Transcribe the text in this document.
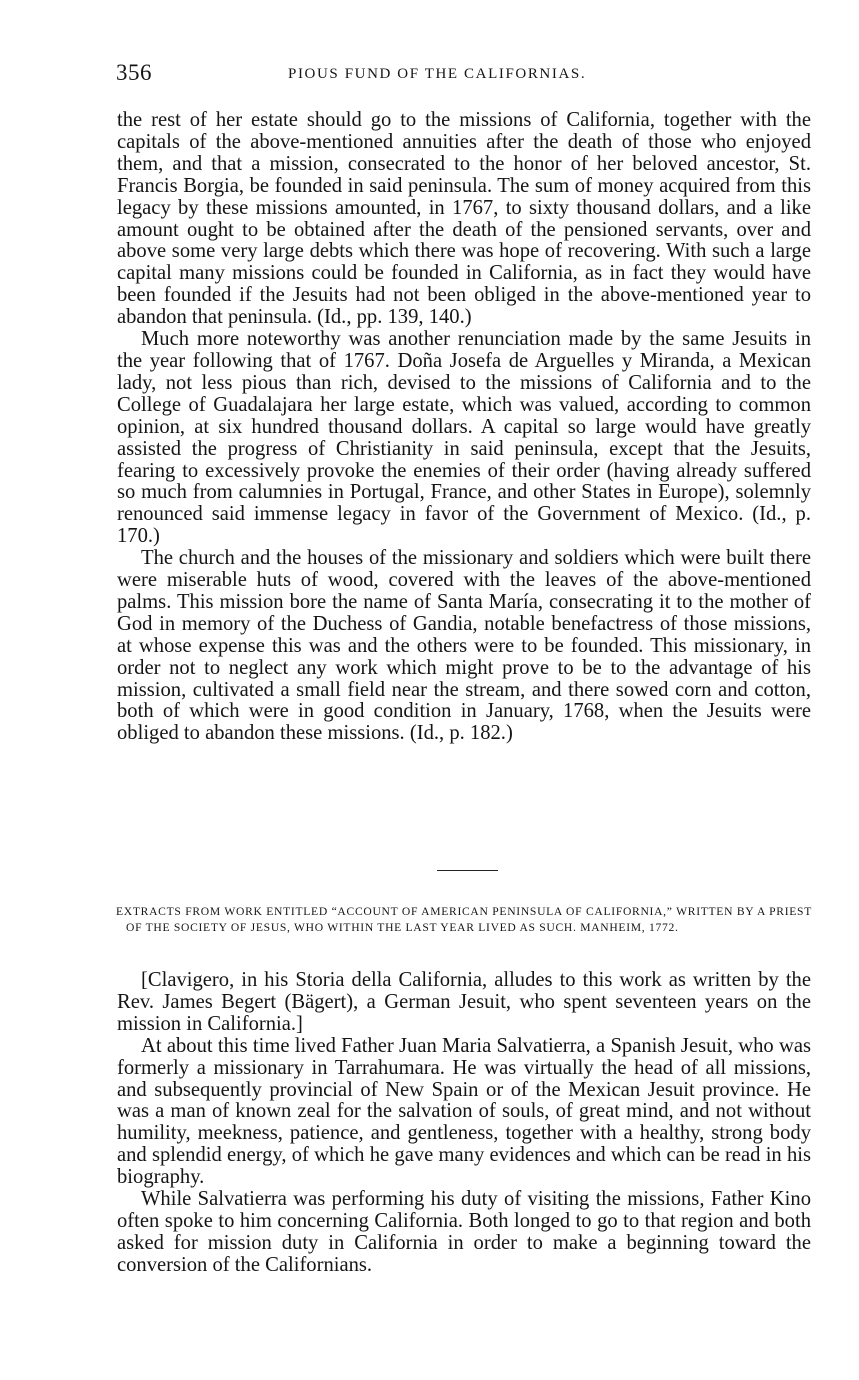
356	PIOUS FUND OF THE CALIFORNIAS.

the rest of her estate should go to the missions of California, together with the capitals of the above-mentioned annuities after the death of those who enjoyed them, and that a mission, consecrated to the honor of her beloved ancestor, St. Francis Borgia, be founded in said peninsula. The sum of money acquired from this legacy by these missions amounted, in 1767, to sixty thousand dollars, and a like amount ought to be obtained after the death of the pensioned servants, over and above some very large debts which there was hope of recovering. With such a large capital many missions could be founded in California, as in fact they would have been founded if the Jesuits had not been obliged in the above-mentioned year to abandon that peninsula. (Id., pp. 139, 140.)

Much more noteworthy was another renunciation made by the same Jesuits in the year following that of 1767. Doña Josefa de Arguelles y Miranda, a Mexican lady, not less pious than rich, devised to the missions of California and to the College of Guadalajara her large estate, which was valued, according to common opinion, at six hundred thousand dollars. A capital so large would have greatly assisted the progress of Christianity in said peninsula, except that the Jesuits, fearing to excessively provoke the enemies of their order (having already suffered so much from calumnies in Portugal, France, and other States in Europe), solemnly renounced said immense legacy in favor of the Government of Mexico. (Id., p. 170.)

The church and the houses of the missionary and soldiers which were built there were miserable huts of wood, covered with the leaves of the above-mentioned palms. This mission bore the name of Santa María, consecrating it to the mother of God in memory of the Duchess of Gandia, notable benefactress of those missions, at whose expense this was and the others were to be founded. This missionary, in order not to neglect any work which might prove to be to the advantage of his mission, cultivated a small field near the stream, and there sowed corn and cotton, both of which were in good condition in January, 1768, when the Jesuits were obliged to abandon these missions. (Id., p. 182.)

EXTRACTS FROM WORK ENTITLED “ACCOUNT OF AMERICAN PENINSULA OF CALIFORNIA,” WRITTEN BY A PRIEST OF THE SOCIETY OF JESUS, WHO WITHIN THE LAST YEAR LIVED AS SUCH. MANHEIM, 1772.

[Clavigero, in his Storia della California, alludes to this work as written by the Rev. James Begert (Bägert), a German Jesuit, who spent seventeen years on the mission in California.]

At about this time lived Father Juan Maria Salvatierra, a Spanish Jesuit, who was formerly a missionary in Tarrahumara. He was virtually the head of all missions, and subsequently provincial of New Spain or of the Mexican Jesuit province. He was a man of known zeal for the salvation of souls, of great mind, and not without humility, meekness, patience, and gentleness, together with a healthy, strong body and splendid energy, of which he gave many evidences and which can be read in his biography.

While Salvatierra was performing his duty of visiting the missions, Father Kino often spoke to him concerning California. Both longed to go to that region and both asked for mission duty in California in order to make a beginning toward the conversion of the Californians.
